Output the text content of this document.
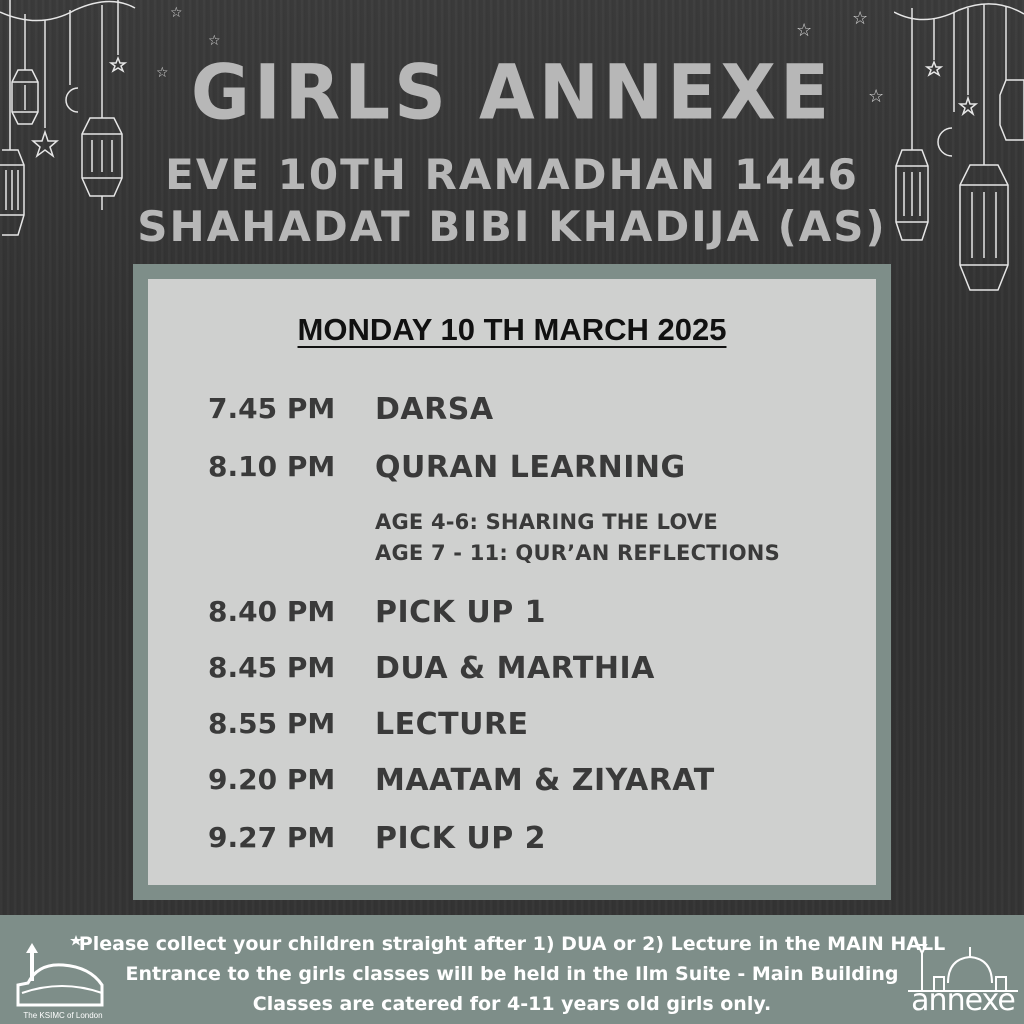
☆
☆
☆
☆
☆
☆
GIRLS ANNEXE
EVE 10TH RAMADHAN 1446
SHAHADAT BIBI KHADIJA (AS)
MONDAY 10 TH MARCH 2025
7.45 PM DARSA
8.10 PM QURAN LEARNING
AGE 4-6: SHARING THE LOVE
AGE 7 - 11: QUR’AN REFLECTIONS
8.40 PM PICK UP 1
8.45 PM DUA & MARTHIA
8.55 PM LECTURE
9.20 PM MAATAM & ZIYARAT
9.27 PM PICK UP 2
The KSIMC of London
Please collect your children straight after 1) DUA or 2) Lecture in the MAIN HALL
Entrance to the girls classes will be held in the Ilm Suite - Main Building
Classes are catered for 4-11 years old girls only.	annexe
